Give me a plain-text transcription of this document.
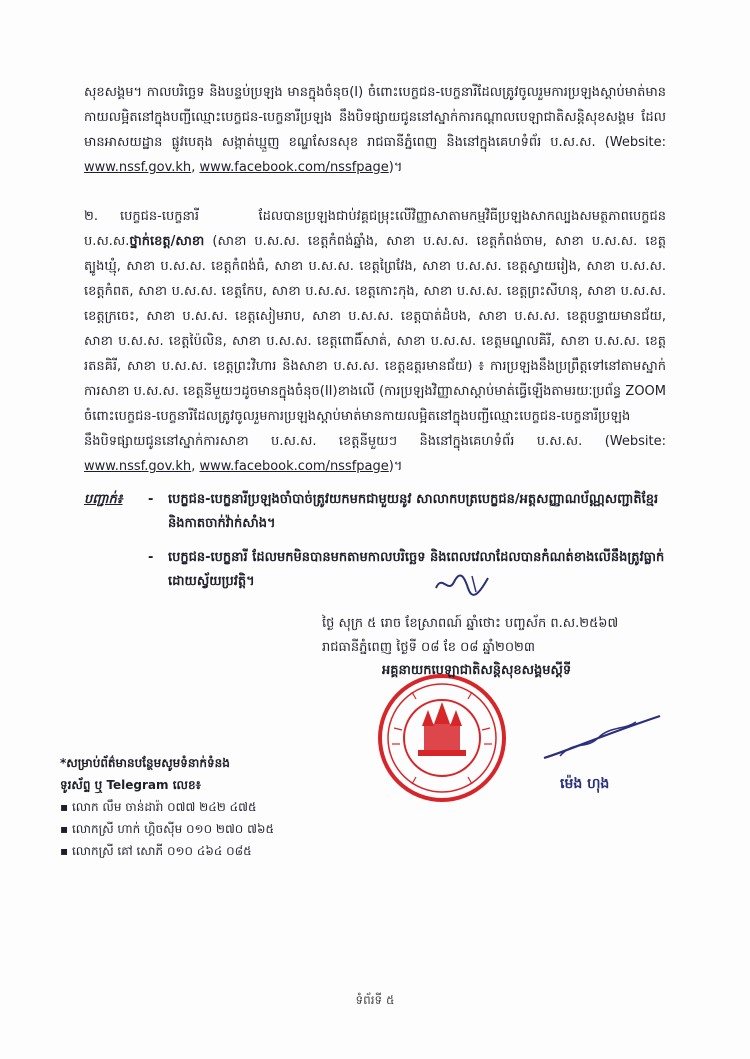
សុខសង្គម។ កាលបរិច្ឆេទ និងបន្ទប់ប្រឡង មានក្នុងចំនុច(I) ចំពោះបេក្ខជន-បេក្ខនារីដែលត្រូវចូលរួមការប្រឡងស្តាប់មាត់មានកាយលម្អិតនៅក្នុងបញ្ជីឈ្មោះបេក្ខជន-បេក្ខនារីប្រឡង នឹងបិទផ្សាយជូននៅស្នាក់ការកណ្តាលបេឡាជាតិសន្តិសុខសង្គម ដែលមានអាសយដ្ឋាន ផ្លូវបេតុង សង្កាត់ឃ្មួញ ខណ្ឌសែនសុខ រាជធានីភ្នំពេញ និងនៅក្នុងគេហទំព័រ ប.ស.ស. (Website: www.nssf.gov.kh, www.facebook.com/nssfpage)។
២. បេក្ខជន-បេក្ខនារី ដែលបានប្រឡងជាប់វគ្គជម្រុះលើវិញ្ញាសាតាមកម្មវិធីប្រឡងសាកល្បងសមត្ថភាពបេក្ខជន ប.ស.ស.ថ្នាក់ខេត្ត/សាខា (សាខា ប.ស.ស. ខេត្តកំពង់ឆ្នាំង, សាខា ប.ស.ស. ខេត្តកំពង់ចាម, សាខា ប.ស.ស. ខេត្តត្បូងឃ្មុំ, សាខា ប.ស.ស. ខេត្តកំពង់ធំ, សាខា ប.ស.ស. ខេត្តព្រៃវែង, សាខា ប.ស.ស. ខេត្តស្វាយរៀង, សាខា ប.ស.ស. ខេត្តកំពត, សាខា ប.ស.ស. ខេត្តកែប, សាខា ប.ស.ស. ខេត្តកោះកុង, សាខា ប.ស.ស. ខេត្តព្រះសីហនុ, សាខា ប.ស.ស. ខេត្តក្រចេះ, សាខា ប.ស.ស. ខេត្តសៀមរាប, សាខា ប.ស.ស. ខេត្តបាត់ដំបង, សាខា ប.ស.ស. ខេត្តបន្ទាយមានជ័យ, សាខា ប.ស.ស. ខេត្តប៉ៃលិន, សាខា ប.ស.ស. ខេត្តពោធិ៍សាត់, សាខា ប.ស.ស. ខេត្តមណ្ឌលគិរី, សាខា ប.ស.ស. ខេត្តរតនគិរី, សាខា ប.ស.ស. ខេត្តព្រះវិហារ និងសាខា ប.ស.ស. ខេត្តឧត្តរមានជ័យ) ៖ ការប្រឡងនឹងប្រព្រឹត្តទៅនៅតាមស្នាក់ការសាខា ប.ស.ស. ខេត្តនីមួយៗដូចមានក្នុងចំនុច(II)ខាងលើ (ការប្រឡងវិញ្ញាសាស្តាប់មាត់ធ្វើឡើងតាមរយៈប្រព័ន្ធ ZOOM ចំពោះបេក្ខជន-បេក្ខនារីដែលត្រូវចូលរួមការប្រឡងស្តាប់មាត់មានកាយលម្អិតនៅក្នុងបញ្ជីឈ្មោះបេក្ខជន-បេក្ខនារីប្រឡង នឹងបិទផ្សាយជូននៅស្នាក់ការសាខា ប.ស.ស. ខេត្តនីមួយៗ និងនៅក្នុងគេហទំព័រ ប.ស.ស. (Website: www.nssf.gov.kh, www.facebook.com/nssfpage)។
បញ្ជាក់៖	- បេក្ខជន-បេក្ខនារីប្រឡងចាំបាច់ត្រូវយកមកជាមួយនូវ សាលាកបត្របេក្ខជន/អត្តសញ្ញាណប័ណ្ណសញ្ជាតិខ្មែរ និងកាតចាក់វ៉ាក់សាំង។
- បេក្ខជន-បេក្ខនារី ដែលមកមិនបានមកតាមកាលបរិច្ឆេទ និងពេលវេលាដែលបានកំណត់ខាងលើនឹងត្រូវធ្លាក់ដោយស្វ័យប្រវត្តិ។
ថ្ងៃ សុក្រ ៥ រោច ខែស្រាពណ៍ ឆ្នាំថោះ បញ្ចស័ក ព.ស.២៥៦៧
រាជធានីភ្នំពេញ ថ្ងៃទី ០៨ ខែ ០៨ ឆ្នាំ២០២៣
អគ្គនាយកបេឡាជាតិសន្តិសុខសង្គមស្តីទី
ម៉េង ហុង
*សម្រាប់ព័ត៌មានបន្ថែមសូមទំនាក់ទំនង
ទូរស័ព្ទ ឬ Telegram លេខ៖
▪ លោក លឹម ចាន់ដារ៉ា ០៧៧ ២៤២ ៤៧៥
▪ លោកស្រី ហាក់ ហ្គិចសុីម ០១០ ២៧០ ៧៦៥
▪ លោកស្រី គៅ សោភី ០១០ ៤៦៤ ០៨៥
ទំព័រទី ៥
